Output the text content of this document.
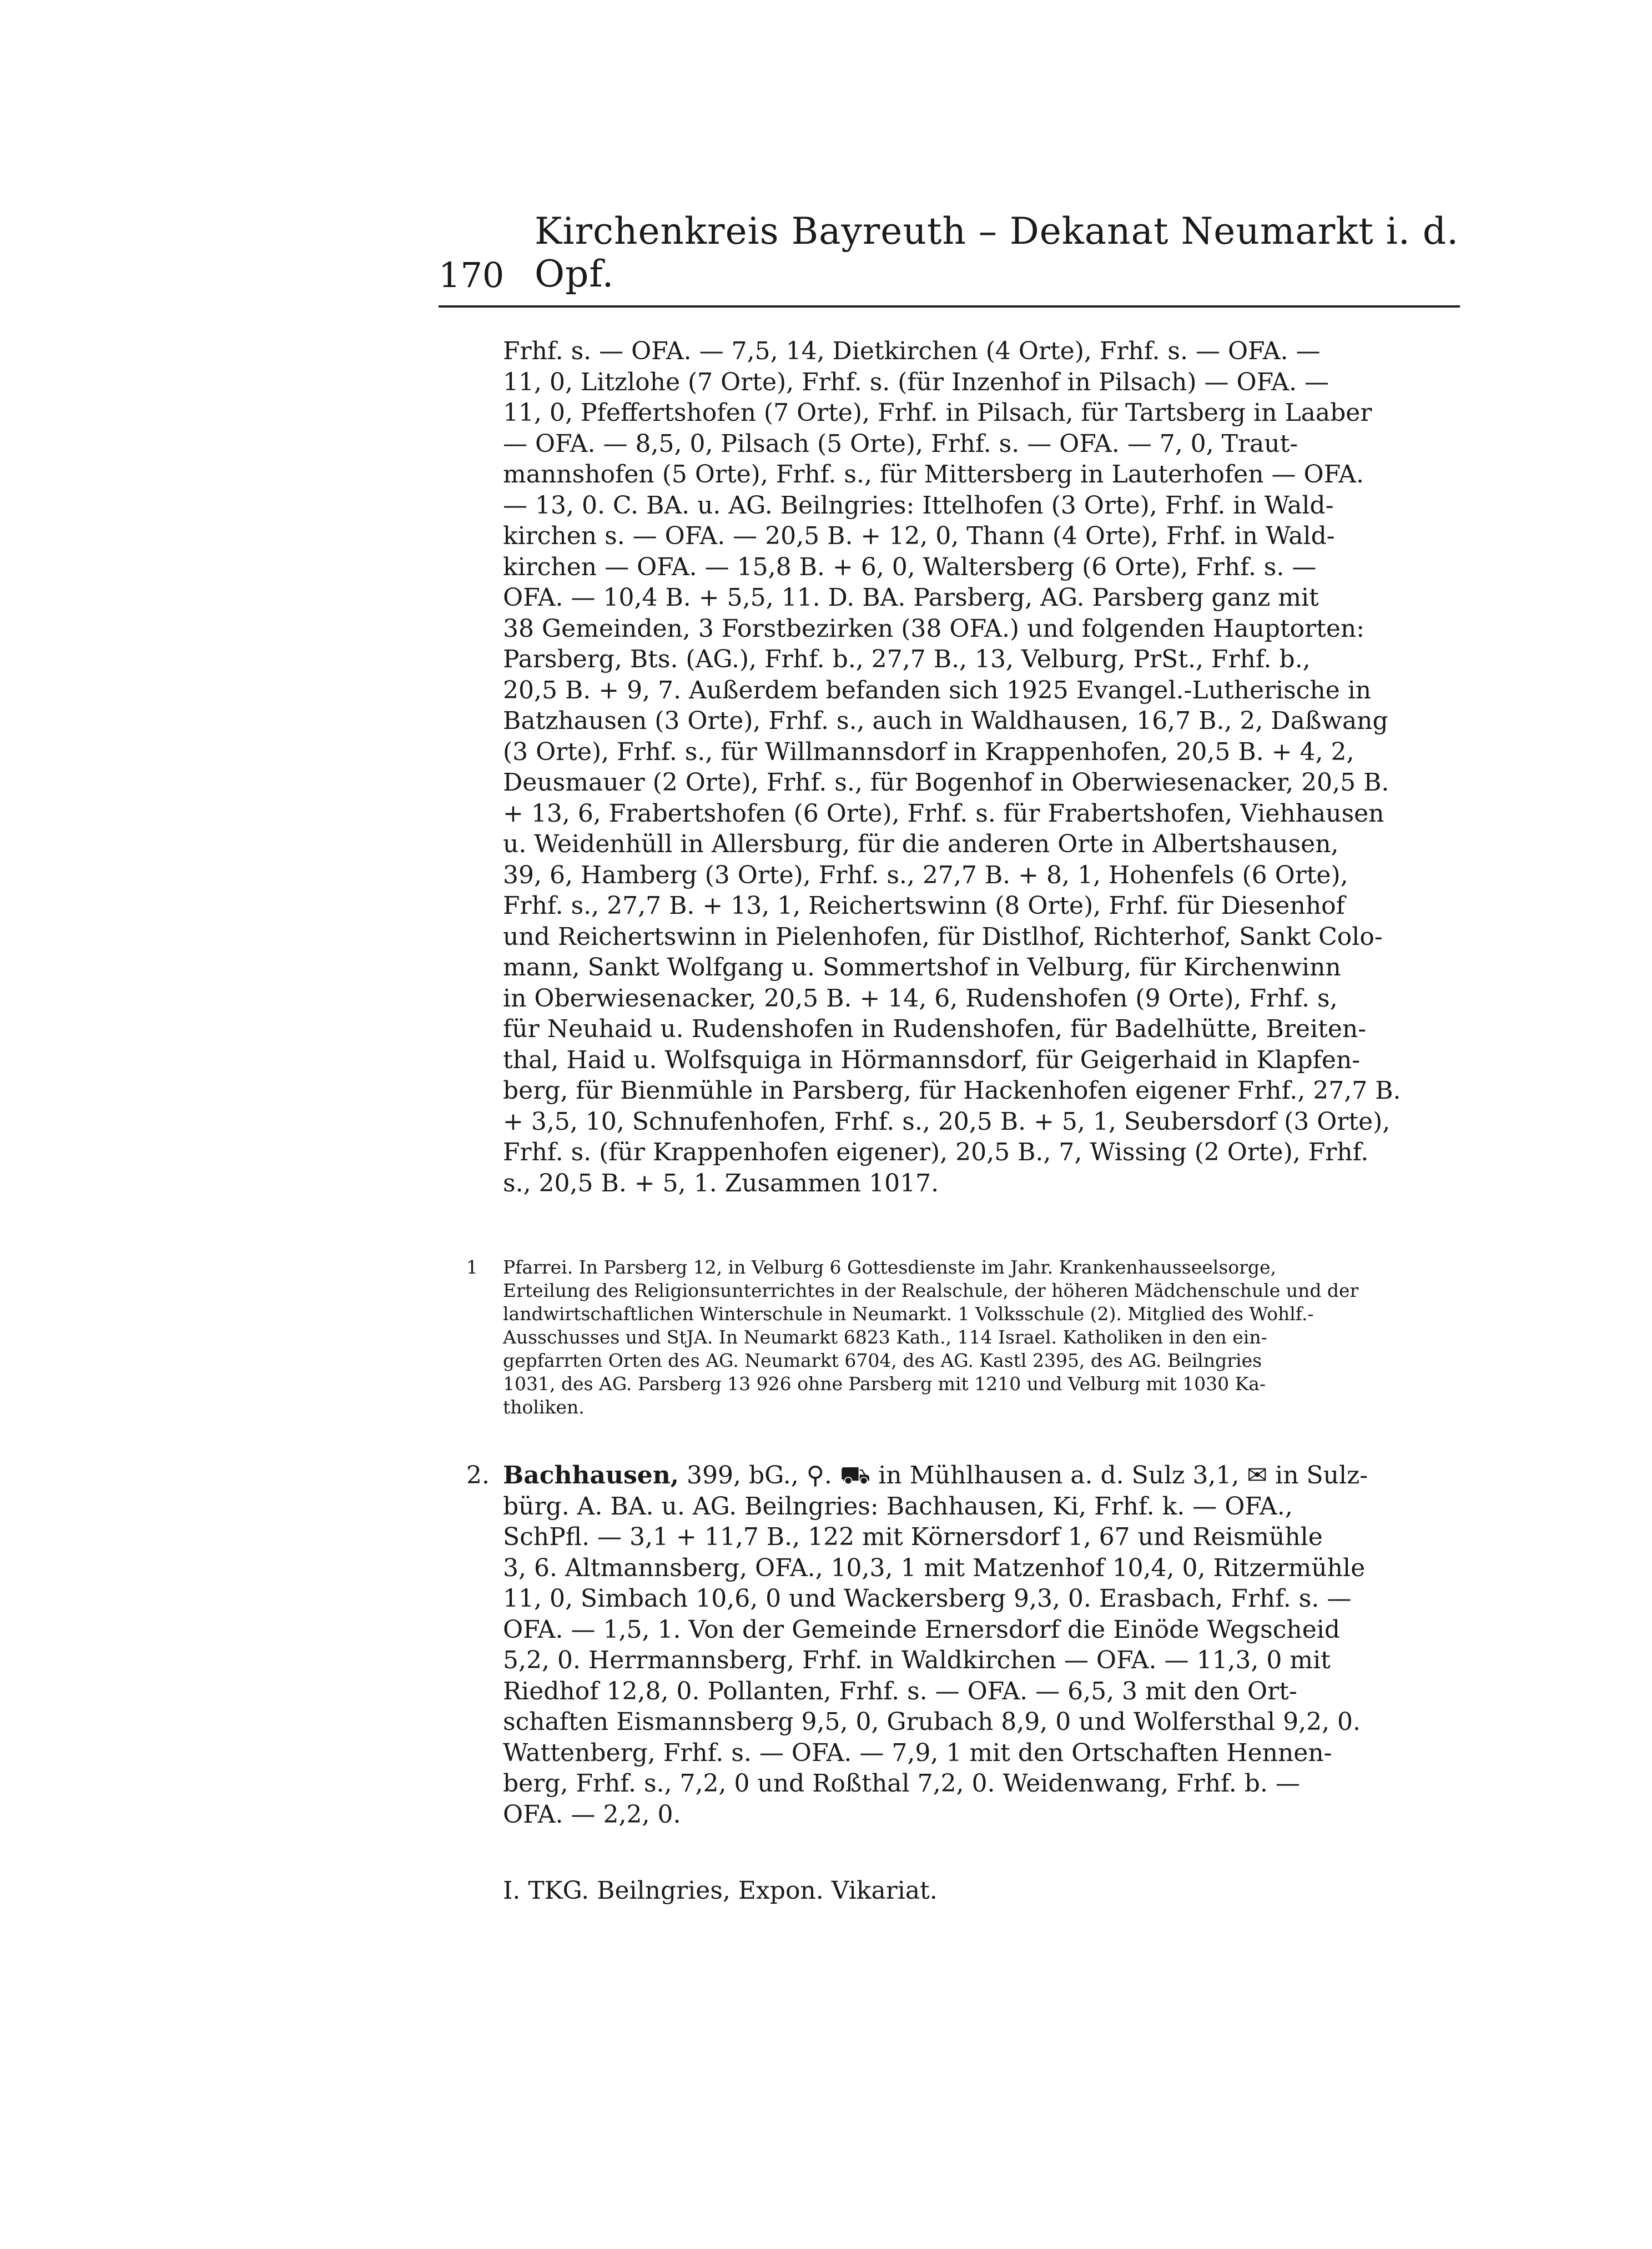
170
Kirchenkreis Bayreuth – Dekanat Neumarkt i. d. Opf.
Frhf. s. — OFA. — 7,5, 14, Dietkirchen (4 Orte), Frhf. s. — OFA. —
11, 0, Litzlohe (7 Orte), Frhf. s. (für Inzenhof in Pilsach) — OFA. —
11, 0, Pfeffertshofen (7 Orte), Frhf. in Pilsach, für Tartsberg in Laaber
— OFA. — 8,5, 0, Pilsach (5 Orte), Frhf. s. — OFA. — 7, 0, Traut-
mannshofen (5 Orte), Frhf. s., für Mittersberg in Lauterhofen — OFA.
— 13, 0. C. BA. u. AG. Beilngries: Ittelhofen (3 Orte), Frhf. in Wald-
kirchen s. — OFA. — 20,5 B. + 12, 0, Thann (4 Orte), Frhf. in Wald-
kirchen — OFA. — 15,8 B. + 6, 0, Waltersberg (6 Orte), Frhf. s. —
OFA. — 10,4 B. + 5,5, 11. D. BA. Parsberg, AG. Parsberg ganz mit
38 Gemeinden, 3 Forstbezirken (38 OFA.) und folgenden Hauptorten:
Parsberg, Bts. (AG.), Frhf. b., 27,7 B., 13, Velburg, PrSt., Frhf. b.,
20,5 B. + 9, 7. Außerdem befanden sich 1925 Evangel.-Lutherische in
Batzhausen (3 Orte), Frhf. s., auch in Waldhausen, 16,7 B., 2, Daßwang
(3 Orte), Frhf. s., für Willmannsdorf in Krappenhofen, 20,5 B. + 4, 2,
Deusmauer (2 Orte), Frhf. s., für Bogenhof in Oberwiesenacker, 20,5 B.
+ 13, 6, Frabertshofen (6 Orte), Frhf. s. für Frabertshofen, Viehhausen
u. Weidenhüll in Allersburg, für die anderen Orte in Albertshausen,
39, 6, Hamberg (3 Orte), Frhf. s., 27,7 B. + 8, 1, Hohenfels (6 Orte),
Frhf. s., 27,7 B. + 13, 1, Reichertswinn (8 Orte), Frhf. für Diesenhof
und Reichertswinn in Pielenhofen, für Distlhof, Richterhof, Sankt Colo-
mann, Sankt Wolfgang u. Sommertshof in Velburg, für Kirchenwinn
in Oberwiesenacker, 20,5 B. + 14, 6, Rudenshofen (9 Orte), Frhf. s,
für Neuhaid u. Rudenshofen in Rudenshofen, für Badelhütte, Breiten-
thal, Haid u. Wolfsquiga in Hörmannsdorf, für Geigerhaid in Klapfen-
berg, für Bienmühle in Parsberg, für Hackenhofen eigener Frhf., 27,7 B.
+ 3,5, 10, Schnufenhofen, Frhf. s., 20,5 B. + 5, 1, Seubersdorf (3 Orte),
Frhf. s. (für Krappenhofen eigener), 20,5 B., 7, Wissing (2 Orte), Frhf.
s., 20,5 B. + 5, 1. Zusammen 1017.
1 Pfarrei. In Parsberg 12, in Velburg 6 Gottesdienste im Jahr. Krankenhausseelsorge,
Erteilung des Religionsunterrichtes in der Realschule, der höheren Mädchenschule und der
landwirtschaftlichen Winterschule in Neumarkt. 1 Volksschule (2). Mitglied des Wohlf.-
Ausschusses und StJA. In Neumarkt 6823 Kath., 114 Israel. Katholiken in den ein-
gepfarrten Orten des AG. Neumarkt 6704, des AG. Kastl 2395, des AG. Beilngries
1031, des AG. Parsberg 13 926 ohne Parsberg mit 1210 und Velburg mit 1030 Ka-
tholiken.
2. Bachhausen, 399, bG., ⚲. ⛟ in Mühlhausen a. d. Sulz 3,1, ✉ in Sulz-
bürg. A. BA. u. AG. Beilngries: Bachhausen, Ki, Frhf. k. — OFA.,
SchPfl. — 3,1 + 11,7 B., 122 mit Körnersdorf 1, 67 und Reismühle
3, 6. Altmannsberg, OFA., 10,3, 1 mit Matzenhof 10,4, 0, Ritzermühle
11, 0, Simbach 10,6, 0 und Wackersberg 9,3, 0. Erasbach, Frhf. s. —
OFA. — 1,5, 1. Von der Gemeinde Ernersdorf die Einöde Wegscheid
5,2, 0. Herrmannsberg, Frhf. in Waldkirchen — OFA. — 11,3, 0 mit
Riedhof 12,8, 0. Pollanten, Frhf. s. — OFA. — 6,5, 3 mit den Ort-
schaften Eismannsberg 9,5, 0, Grubach 8,9, 0 und Wolfersthal 9,2, 0.
Wattenberg, Frhf. s. — OFA. — 7,9, 1 mit den Ortschaften Hennen-
berg, Frhf. s., 7,2, 0 und Roßthal 7,2, 0. Weidenwang, Frhf. b. —
OFA. — 2,2, 0.
I. TKG. Beilngries, Expon. Vikariat.
